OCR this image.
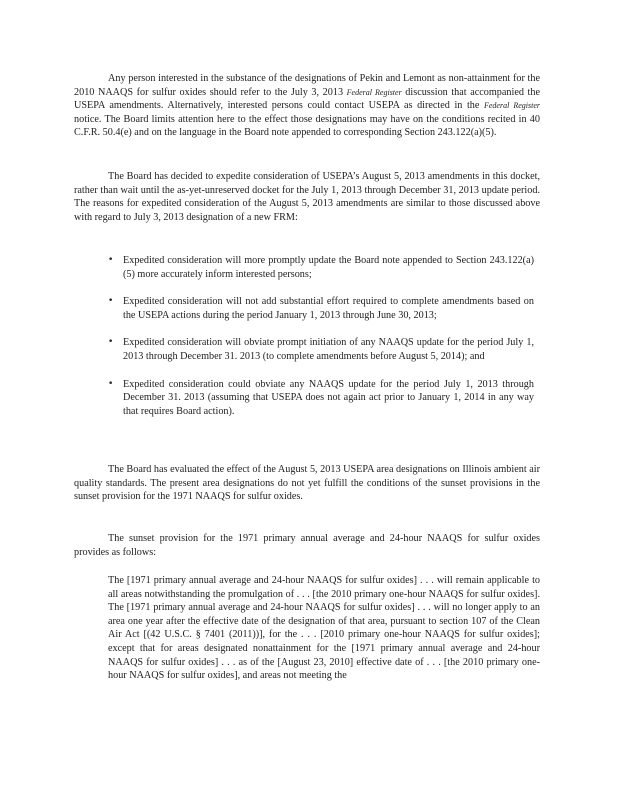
Any person interested in the substance of the designations of Pekin and Lemont as non-attainment for the 2010 NAAQS for sulfur oxides should refer to the July 3, 2013 Federal Register discussion that accompanied the USEPA amendments. Alternatively, interested persons could contact USEPA as directed in the Federal Register notice. The Board limits attention here to the effect those designations may have on the conditions recited in 40 C.F.R. 50.4(e) and on the language in the Board note appended to corresponding Section 243.122(a)(5).

The Board has decided to expedite consideration of USEPA’s August 5, 2013 amendments in this docket, rather than wait until the as-yet-unreserved docket for the July 1, 2013 through December 31, 2013 update period. The reasons for expedited consideration of the August 5, 2013 amendments are similar to those discussed above with regard to July 3, 2013 designation of a new FRM:

• Expedited consideration will more promptly update the Board note appended to Section 243.122(a)(5) more accurately inform interested persons;
• Expedited consideration will not add substantial effort required to complete amendments based on the USEPA actions during the period January 1, 2013 through June 30, 2013;
• Expedited consideration will obviate prompt initiation of any NAAQS update for the period July 1, 2013 through December 31. 2013 (to complete amendments before August 5, 2014); and
• Expedited consideration could obviate any NAAQS update for the period July 1, 2013 through December 31. 2013 (assuming that USEPA does not again act prior to January 1, 2014 in any way that requires Board action).

The Board has evaluated the effect of the August 5, 2013 USEPA area designations on Illinois ambient air quality standards. The present area designations do not yet fulfill the conditions of the sunset provisions in the sunset provision for the 1971 NAAQS for sulfur oxides.

The sunset provision for the 1971 primary annual average and 24-hour NAAQS for sulfur oxides provides as follows:

The [1971 primary annual average and 24-hour NAAQS for sulfur oxides] . . . will remain applicable to all areas notwithstanding the promulgation of . . . [the 2010 primary one-hour NAAQS for sulfur oxides]. The [1971 primary annual average and 24-hour NAAQS for sulfur oxides] . . . will no longer apply to an area one year after the effective date of the designation of that area, pursuant to section 107 of the Clean Air Act [(42 U.S.C. § 7401 (2011))], for the . . . [2010 primary one-hour NAAQS for sulfur oxides]; except that for areas designated nonattainment for the [1971 primary annual average and 24-hour NAAQS for sulfur oxides] . . . as of the [August 23, 2010] effective date of . . . [the 2010 primary one-hour NAAQS for sulfur oxides], and areas not meeting the
